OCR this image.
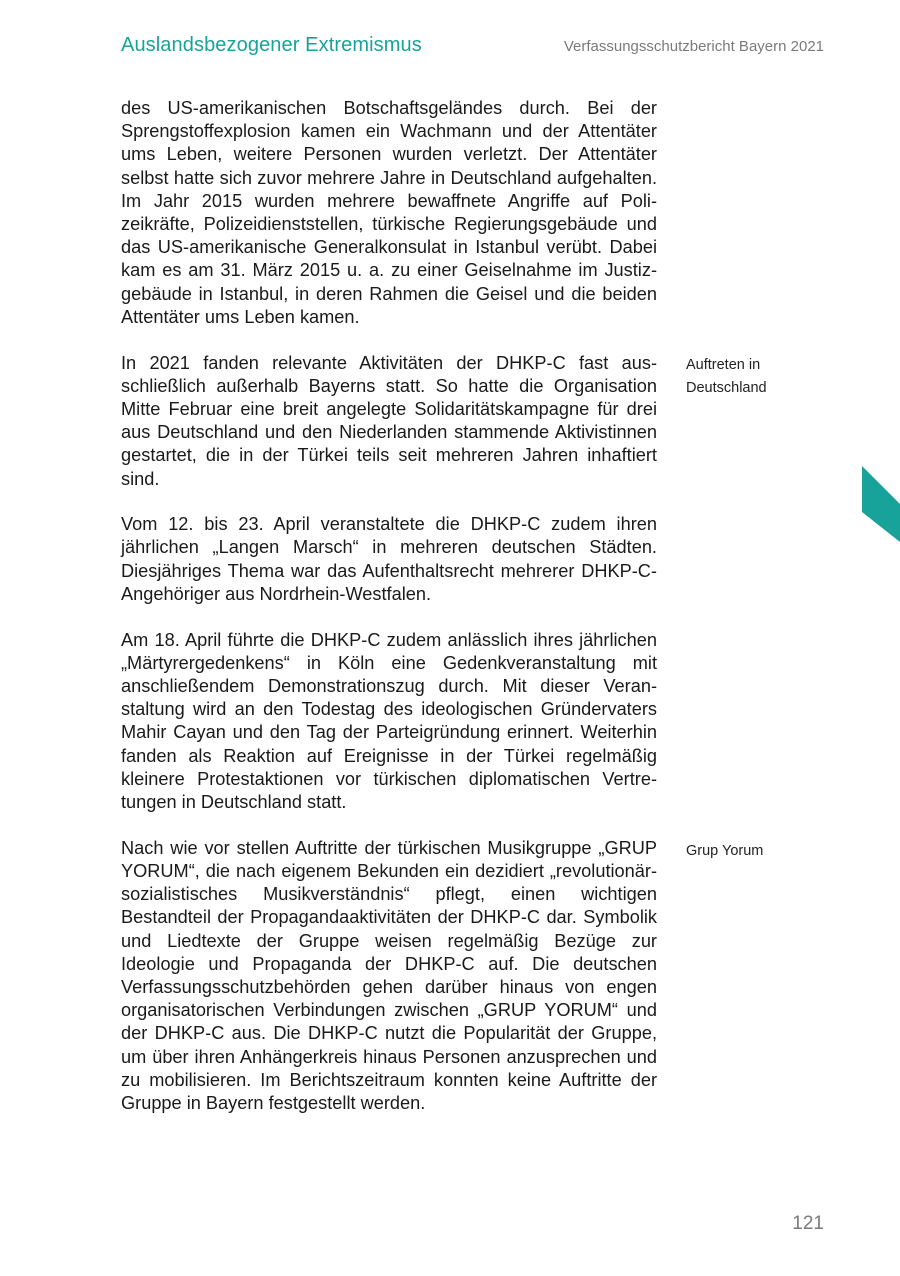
Auslandsbezogener Extremismus	Verfassungsschutzbericht Bayern 2021

des US-amerikanischen Botschaftsgeländes durch. Bei der Sprengstoffexplosion kamen ein Wachmann und der Attentäter ums Leben, weitere Personen wurden verletzt. Der Attentäter selbst hatte sich zuvor mehrere Jahre in Deutschland aufgehalten. Im Jahr 2015 wurden mehrere bewaffnete Angriffe auf Polizeikräfte, Polizeidienststellen, türkische Regierungsgebäude und das US-amerikanische Generalkonsulat in Istanbul verübt. Dabei kam es am 31. März 2015 u. a. zu einer Geiselnahme im Justizgebäude in Istanbul, in deren Rahmen die Geisel und die beiden Attentäter ums Leben kamen.

In 2021 fanden relevante Aktivitäten der DHKP-C fast ausschließlich außerhalb Bayerns statt. So hatte die Organisation Mitte Februar eine breit angelegte Solidaritätskampagne für drei aus Deutschland und den Niederlanden stammende Aktivistinnen gestartet, die in der Türkei teils seit mehreren Jahren inhaftiert sind.

Vom 12. bis 23. April veranstaltete die DHKP-C zudem ihren jährlichen „Langen Marsch“ in mehreren deutschen Städten. Diesjähriges Thema war das Aufenthaltsrecht mehrerer DHKP-C-Angehöriger aus Nordrhein-Westfalen.

Am 18. April führte die DHKP-C zudem anlässlich ihres jährlichen „Märtyrergedenkens“ in Köln eine Gedenkveranstaltung mit anschließendem Demonstrationszug durch. Mit dieser Veranstaltung wird an den Todestag des ideologischen Gründervaters Mahir Cayan und den Tag der Parteigründung erinnert. Weiterhin fanden als Reaktion auf Ereignisse in der Türkei regelmäßig kleinere Protestaktionen vor türkischen diplomatischen Vertretungen in Deutschland statt.

Nach wie vor stellen Auftritte der türkischen Musikgruppe „GRUP YORUM“, die nach eigenem Bekunden ein dezidiert „revolutionär-sozialistisches Musikverständnis“ pflegt, einen wichtigen Bestandteil der Propagandaaktivitäten der DHKP-C dar. Symbolik und Liedtexte der Gruppe weisen regelmäßig Bezüge zur Ideologie und Propaganda der DHKP-C auf. Die deutschen Verfassungsschutzbehörden gehen darüber hinaus von engen organisatorischen Verbindungen zwischen „GRUP YORUM“ und der DHKP-C aus. Die DHKP-C nutzt die Popularität der Gruppe, um über ihren Anhängerkreis hinaus Personen anzusprechen und zu mobilisieren. Im Berichtszeitraum konnten keine Auftritte der Gruppe in Bayern festgestellt werden.

Auftreten in Deutschland
Grup Yorum
121
